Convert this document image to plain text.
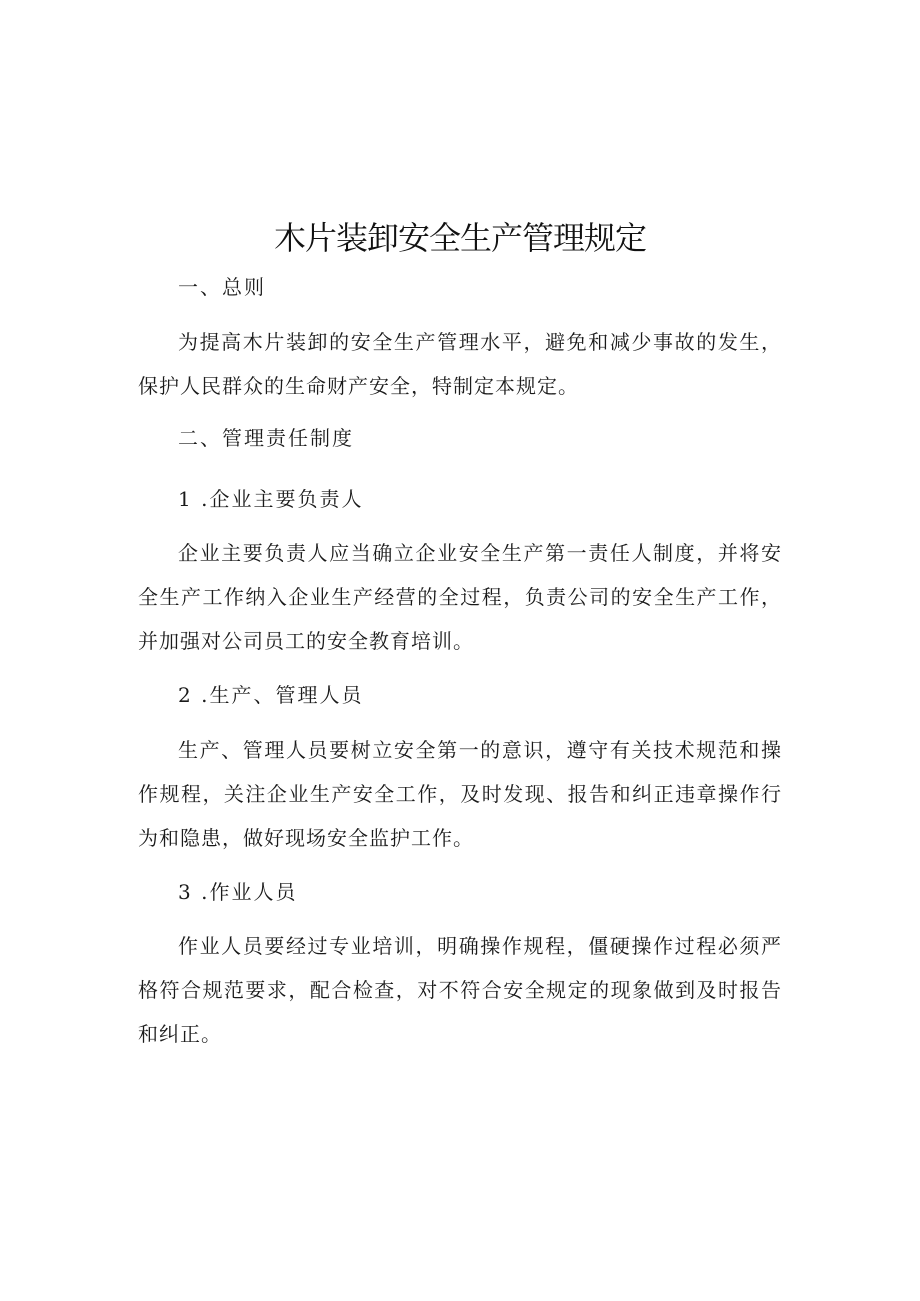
木片装卸安全生产管理规定
一、总则
为提高木片装卸的安全生产管理水平，避免和减少事故的发生，保护人民群众的生命财产安全，特制定本规定。
二、管理责任制度
1 .企业主要负责人
企业主要负责人应当确立企业安全生产第一责任人制度，并将安全生产工作纳入企业生产经营的全过程，负责公司的安全生产工作，并加强对公司员工的安全教育培训。
2 .生产、管理人员
生产、管理人员要树立安全第一的意识，遵守有关技术规范和操作规程，关注企业生产安全工作，及时发现、报告和纠正违章操作行为和隐患，做好现场安全监护工作。
3 .作业人员
作业人员要经过专业培训，明确操作规程，僵硬操作过程必须严格符合规范要求，配合检查，对不符合安全规定的现象做到及时报告和纠正。
